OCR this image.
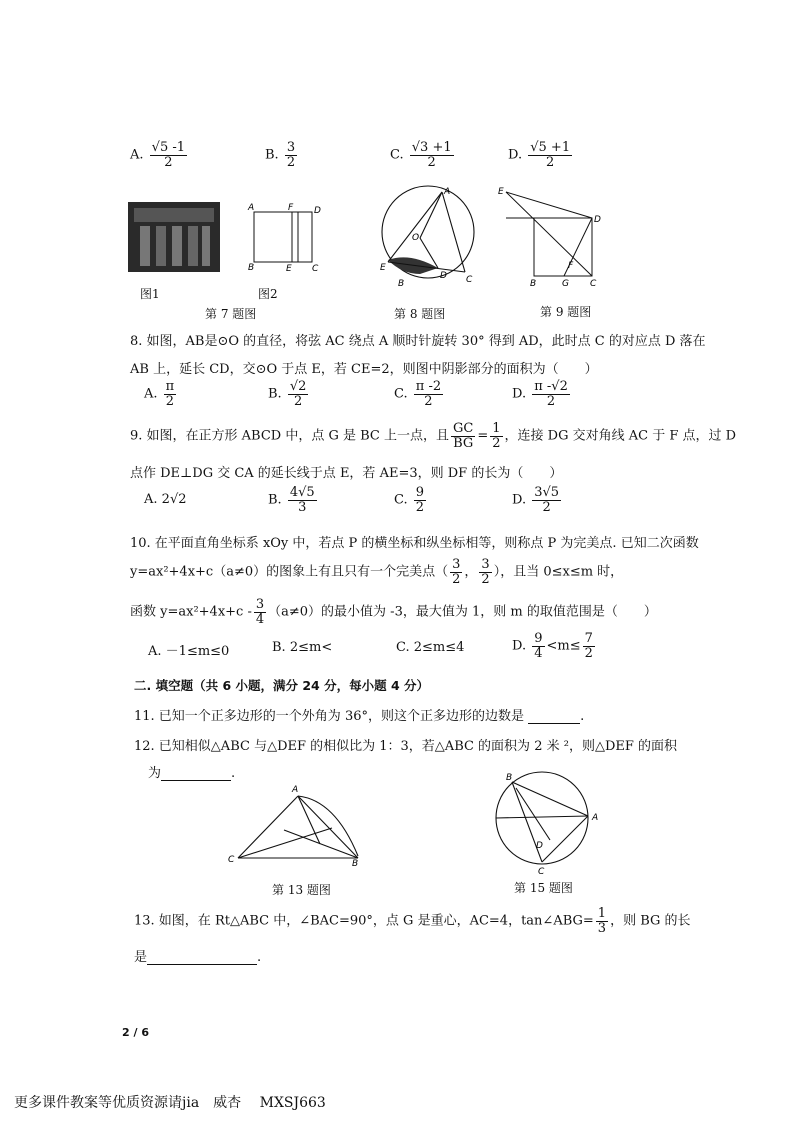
A. $\frac{√5 -1}{2}$	B. $\frac{3}{2}$	C. $\frac{√3 +1}{2}$	D. $\frac{√5 +1}{2}$
A	F D
B	E C
A
O
E
B
D C
E
D
F
B	G C
图1	图2
第 7 题图	第 8 题图	第 9 题图
8. 如图，AB是⊙O 的直径，将弦 AC 绕点 A 顺时针旋转 30° 得到 AD，此时点 C 的对应点 D 落在
AB 上，延长 CD，交⊙O 于点 E，若 CE=2，则图中阴影部分的面积为（　　）
A. $\frac{\pi}{2}$	B. $\frac{√2}{2}$	C. $\frac{\pi -2}{2}$	D. $\frac{\pi -√2}{2}$
9. 如图，在正方形 ABCD 中，点 G 是 BC 上一点，且 $\frac{GC}{BG} = \frac{1}{2}$ ，连接 DG 交对角线 AC 于 F 点，过 D
点作 DE⊥DG 交 CA 的延长线于点 E，若 AE=3，则 DF 的长为（　　）
A. 2√2	B. $\frac{4√5}{3}$	C. $\frac{9}{2}$	D. $\frac{3√5}{2}$
10. 在平面直角坐标系 xOy 中，若点 P 的横坐标和纵坐标相等，则称点 P 为完美点. 已知二次函数
y=ax²+4x+c（a≠0）的图象上有且只有一个完美点（ $\frac{3}{2}$ ， $\frac{3}{2}$ ），且当 0≤x≤m 时，
函数 $y=ax^2+4x+c - \frac{3}{4} (a\ne 0)$的最小值为 -3，最大值为 1，则 m 的取值范围是（　　）
A. －1≤m≤0	B. 2≤m<	C. 2≤m≤4	D. $\frac{9}{4} <m\le \frac{7}{2}$
二. 填空题（共 6 小题，满分 24 分，每小题 4 分）
11. 已知一个正多边形的一个外角为 36°，则这个正多边形的边数是	.
12. 已知相似△ABC 与△DEF 的相似比为 1：3，若△ABC 的面积为 2 米 ²，则△DEF 的面积
为	.
A
C	B
B
A
D
C
第 13 题图	第 15 题图
13. 如图，在 Rt△ABC 中，∠BAC=90°，点 G 是重心，AC=4，tan∠ABG= $\frac{1}{3}$ ，则 BG 的长
是	.
2 / 6
更多课件教案等优质资源请jia　威杏　 MXSJ663
